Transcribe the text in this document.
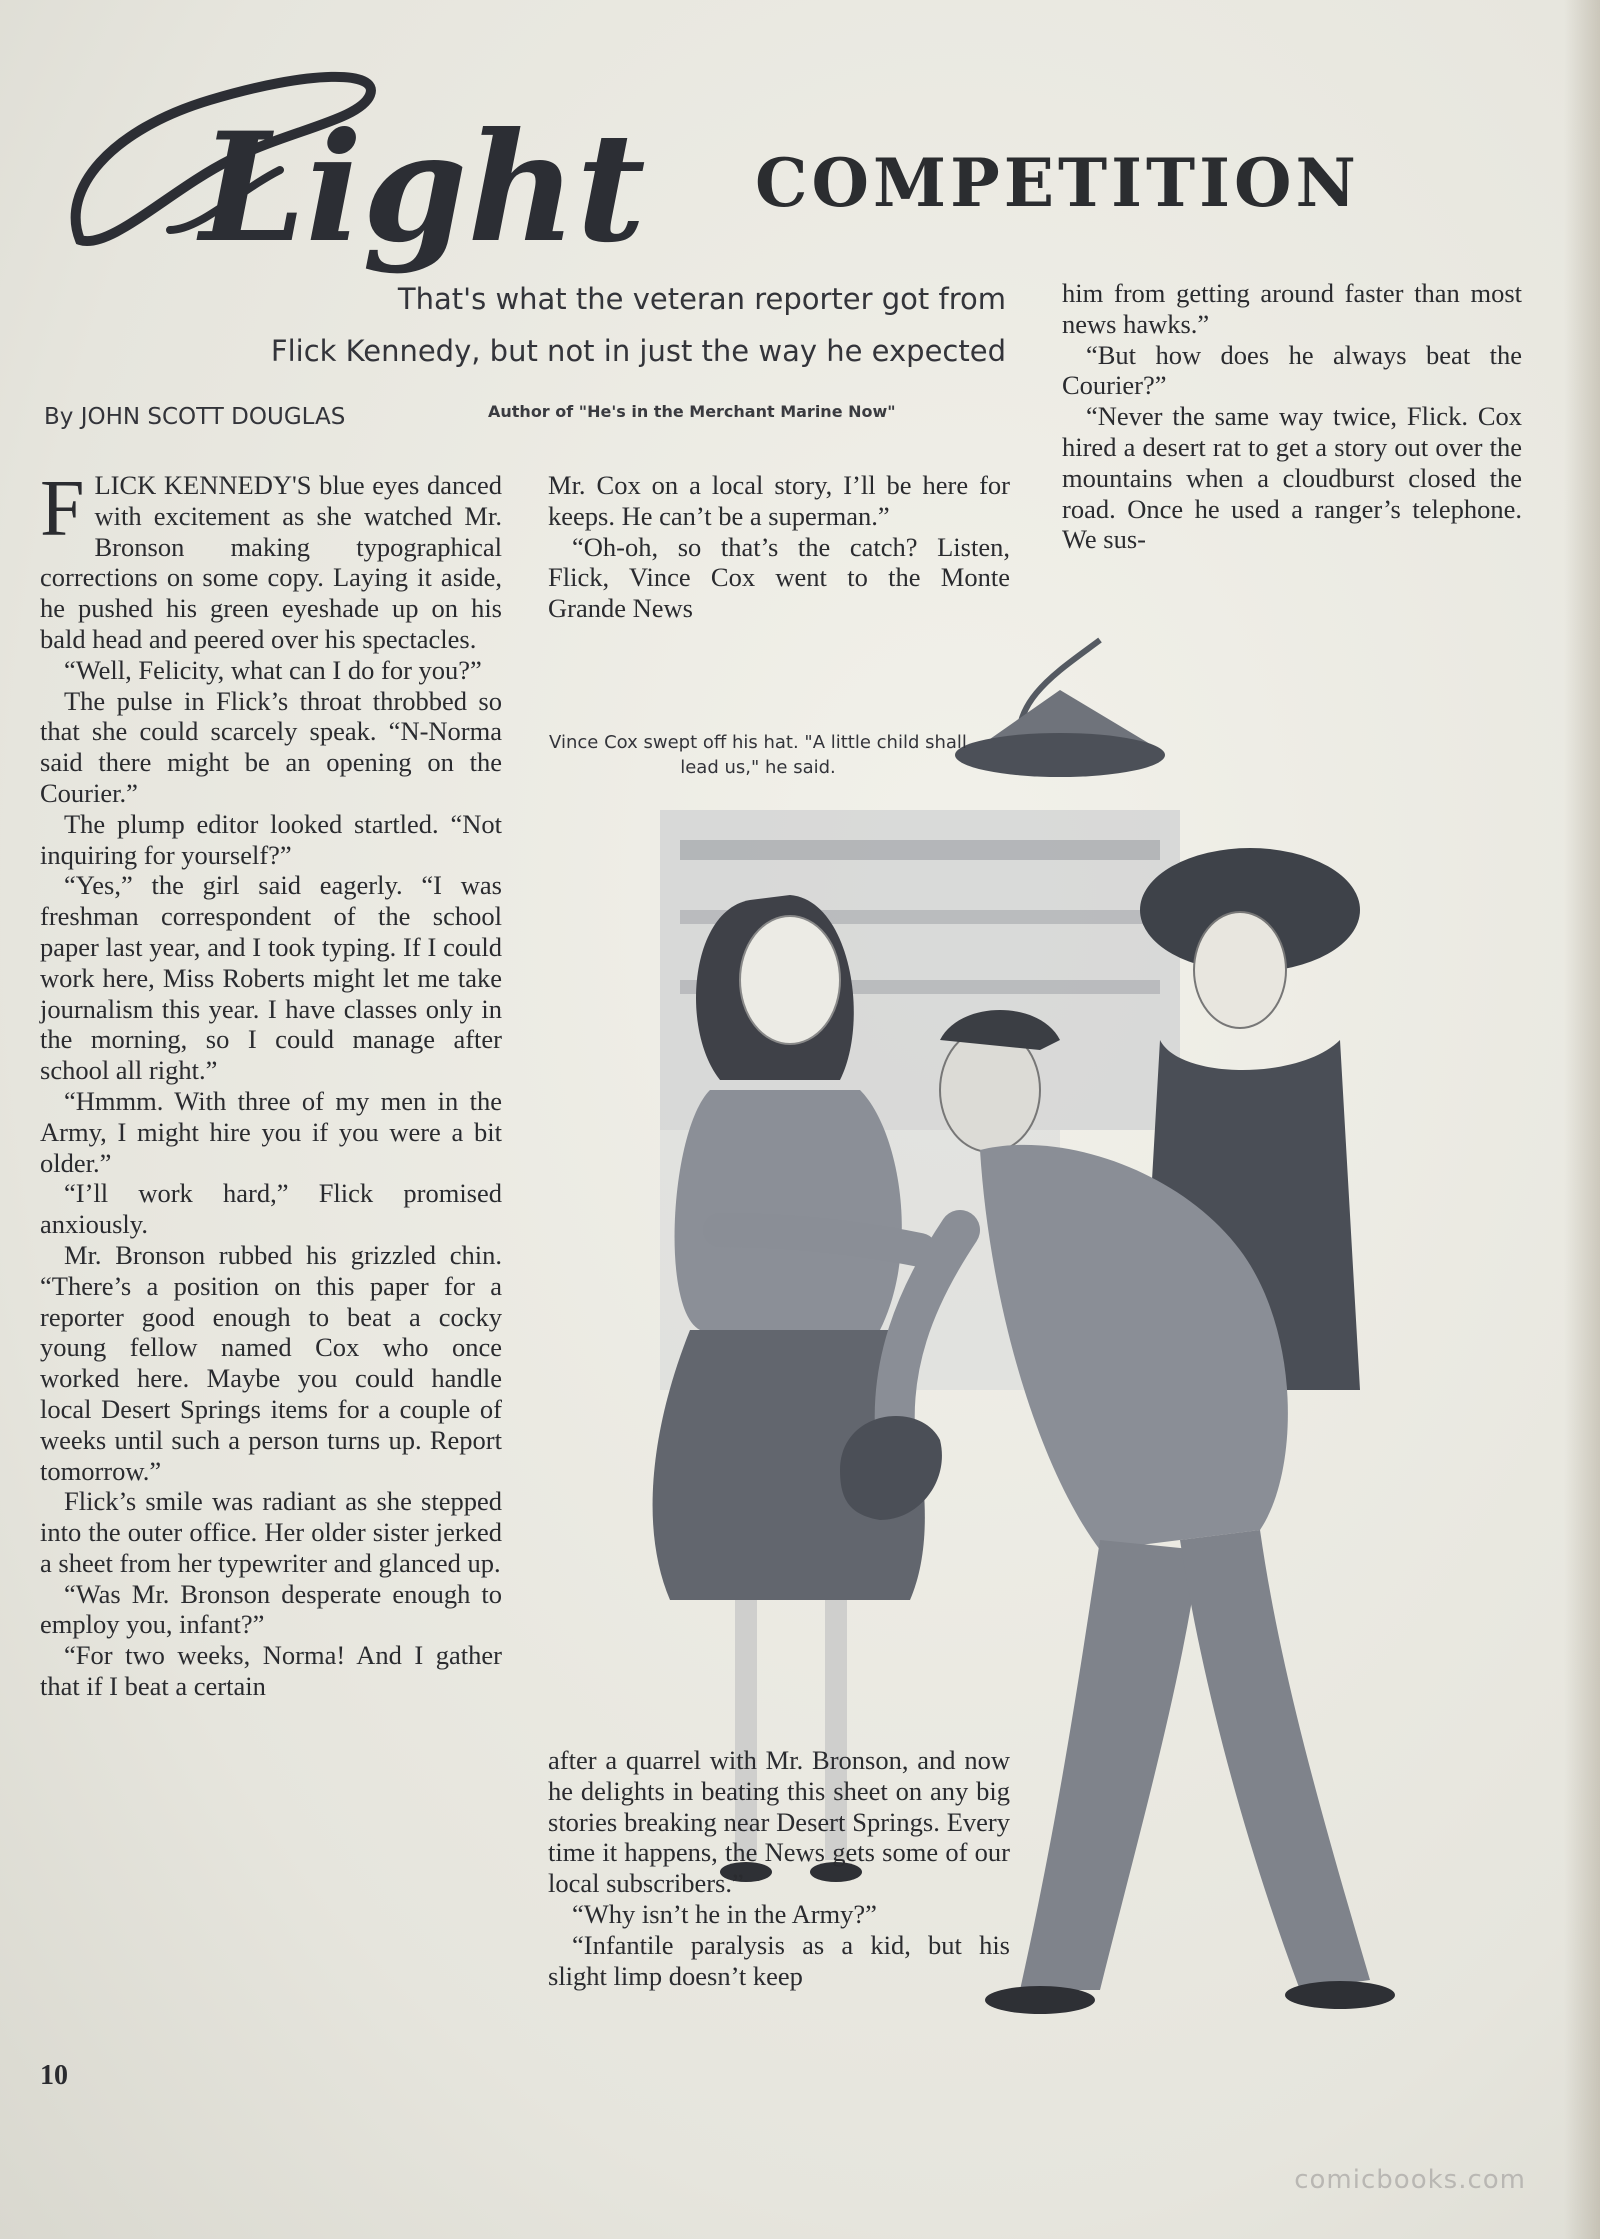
Light COMPETITION
That's what the veteran reporter got from
Flick Kennedy, but not in just the way he expected
By JOHN SCOTT DOUGLAS	Author of "He's in the Merchant Marine Now"
Vince Cox swept off his hat. "A little child shall lead us," he said.

FLICK KENNEDY'S blue eyes danced with excitement as she watched Mr. Bronson making typographical corrections on some copy. Laying it aside, he pushed his green eyeshade up on his bald head and peered over his spectacles.

“Well, Felicity, what can I do for you?”

The pulse in Flick’s throat throbbed so that she could scarcely speak. “N-Norma said there might be an opening on the Courier.”

The plump editor looked startled. “Not inquiring for yourself?”

“Yes,” the girl said eagerly. “I was freshman correspondent of the school paper last year, and I took typing. If I could work here, Miss Roberts might let me take journalism this year. I have classes only in the morning, so I could manage after school all right.”

“Hmmm. With three of my men in the Army, I might hire you if you were a bit older.”

“I’ll work hard,” Flick promised anxiously.

Mr. Bronson rubbed his grizzled chin. “There’s a position on this paper for a reporter good enough to beat a cocky young fellow named Cox who once worked here. Maybe you could handle local Desert Springs items for a couple of weeks until such a person turns up. Report tomorrow.”

Flick’s smile was radiant as she stepped into the outer office. Her older sister jerked a sheet from her typewriter and glanced up.

“Was Mr. Bronson desperate enough to employ you, infant?”

“For two weeks, Norma! And I gather that if I beat a certain

Mr. Cox on a local story, I’ll be here for keeps. He can’t be a superman.”

“Oh-oh, so that’s the catch? Listen, Flick, Vince Cox went to the Monte Grande News

after a quarrel with Mr. Bronson, and now he delights in beating this sheet on any big stories breaking near Desert Springs. Every time it happens, the News gets some of our local subscribers.”

“Why isn’t he in the Army?”

“Infantile paralysis as a kid, but his slight limp doesn’t keep

him from getting around faster than most news hawks.”

“But how does he always beat the Courier?”

“Never the same way twice, Flick. Cox hired a desert rat to get a story out over the mountains when a cloudburst closed the road. Once he used a ranger’s telephone. We sus-

10
comicbooks.com
